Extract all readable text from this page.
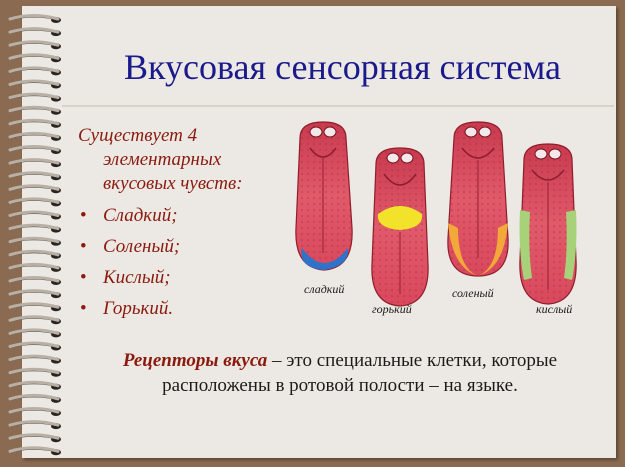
Вкусовая сенсорная система
Существует 4
элементарных
вкусовых чувств:
• Сладкий;
• Соленый;
• Кислый;
• Горький.
сладкий
горький
соленый
кислый
Рецепторы вкуса – это специальные клетки, которые
расположены в ротовой полости – на языке.
